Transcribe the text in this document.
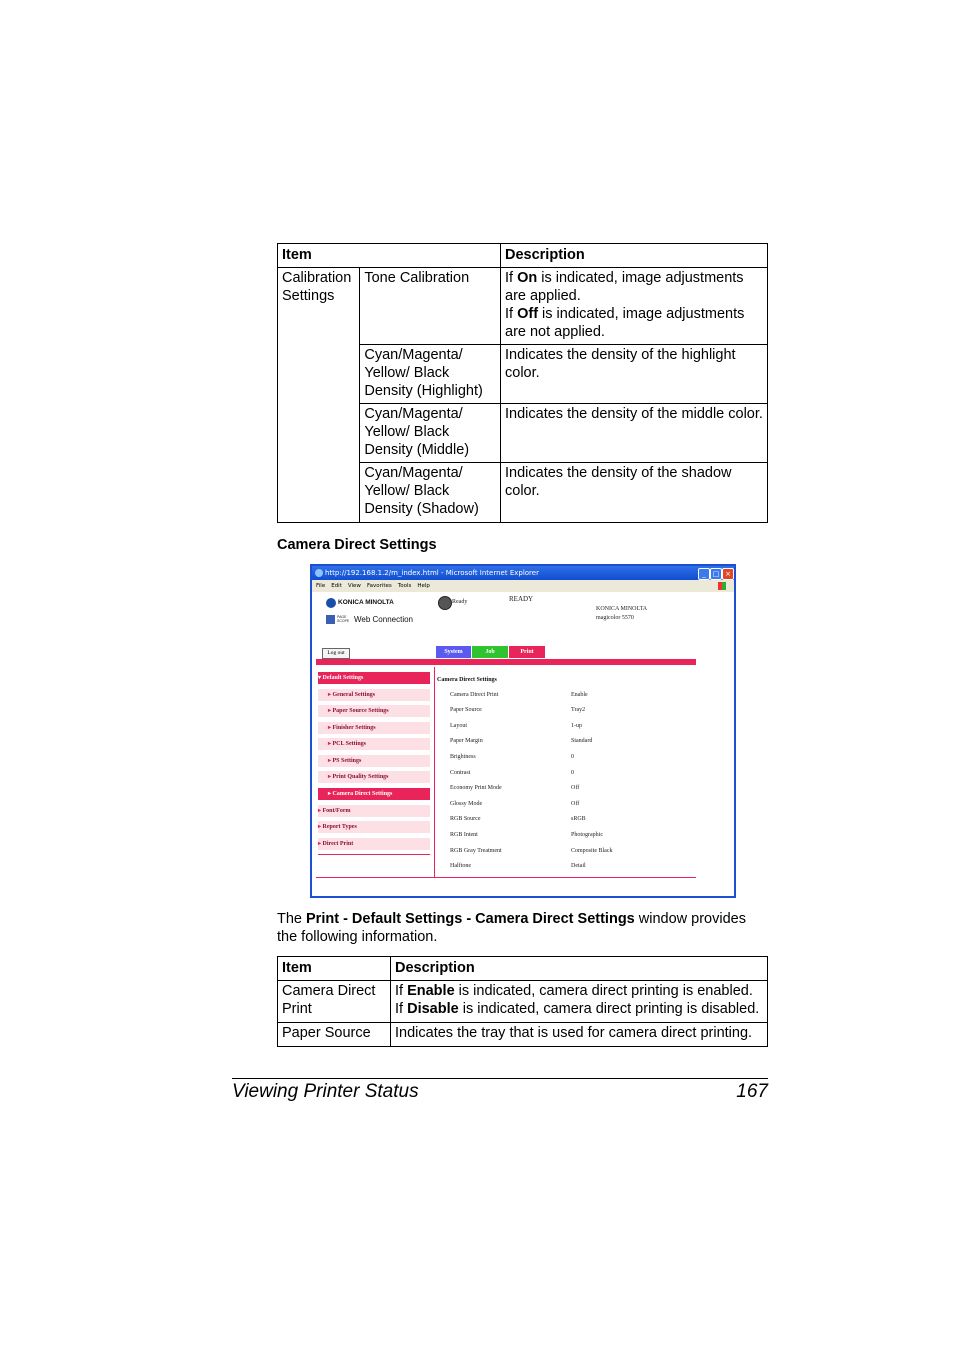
Item		Description
Calibration Settings	Tone Calibration	If On is indicated, image adjustments are applied.
If Off is indicated, image adjustments are not applied.
	Cyan/Magenta/ Yellow/ Black Density (Highlight)	Indicates the density of the highlight color.
	Cyan/Magenta/ Yellow/ Black Density (Middle)	Indicates the density of the middle color.
	Cyan/Magenta/ Yellow/ Black Density (Shadow)	Indicates the density of the shadow color.
Camera Direct Settings
http://192.168.1.2/m_index.html - Microsoft Internet Explorer	_ □ ×
File Edit View Favorites Tools Help
KONICA MINOLTA
PAGE SCOPE Web Connection
Ready	READY
KONICA MINOLTA
magicolor 5570
Log out	System	Job	Print
▾ Default Settings
▸ General Settings
▸ Paper Source Settings
▸ Finisher Settings
▸ PCL Settings
▸ PS Settings
▸ Print Quality Settings
▸ Camera Direct Settings
▸ Font/Form
▸ Report Types
▸ Direct Print
Camera Direct Settings
Camera Direct Print	Enable
Paper Source	Tray2
Layout	1-up
Paper Margin	Standard
Brightness	0
Contrast	0
Economy Print Mode	Off
Glossy Mode	Off
RGB Source	sRGB
RGB Intent	Photographic
RGB Gray Treatment	Composite Black
Halftone	Detail
The Print - Default Settings - Camera Direct Settings window provides the following information.
Item	Description
Camera Direct Print	If Enable is indicated, camera direct printing is enabled.
If Disable is indicated, camera direct printing is disabled.
Paper Source	Indicates the tray that is used for camera direct printing.
Viewing Printer Status	167
